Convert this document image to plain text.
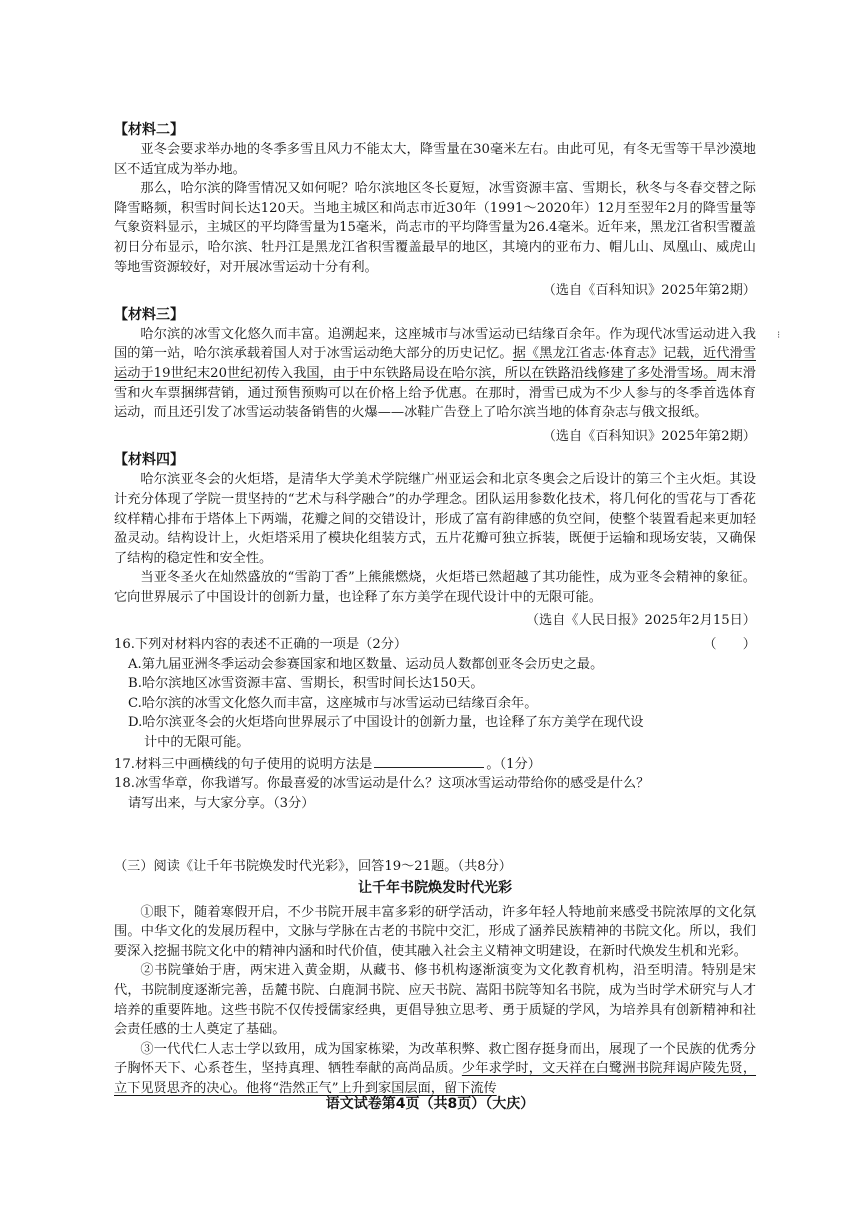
【材料二】

亚冬会要求举办地的冬季多雪且风力不能太大，降雪量在30毫米左右。由此可见，有冬无雪等干旱沙漠地区不适宜成为举办地。

那么，哈尔滨的降雪情况又如何呢？哈尔滨地区冬长夏短，冰雪资源丰富、雪期长，秋冬与冬春交替之际降雪略频，积雪时间长达120天。当地主城区和尚志市近30年（1991～2020年）12月至翌年2月的降雪量等气象资料显示，主城区的平均降雪量为15毫米，尚志市的平均降雪量为26.4毫米。近年来，黑龙江省积雪覆盖初日分布显示，哈尔滨、牡丹江是黑龙江省积雪覆盖最早的地区，其境内的亚布力、帽儿山、凤凰山、威虎山等地雪资源较好，对开展冰雪运动十分有利。

（选自《百科知识》2025年第2期）
【材料三】

哈尔滨的冰雪文化悠久而丰富。追溯起来，这座城市与冰雪运动已结缘百余年。作为现代冰雪运动进入我国的第一站，哈尔滨承载着国人对于冰雪运动绝大部分的历史记忆。据《黑龙江省志·体育志》记载，近代滑雪运动于19世纪末20世纪初传入我国，由于中东铁路局设在哈尔滨，所以在铁路沿线修建了多处滑雪场。周末滑雪和火车票捆绑营销，通过预售预购可以在价格上给予优惠。在那时，滑雪已成为不少人参与的冬季首选体育运动，而且还引发了冰雪运动装备销售的火爆——冰鞋广告登上了哈尔滨当地的体育杂志与俄文报纸。

（选自《百科知识》2025年第2期）
【材料四】

哈尔滨亚冬会的火炬塔，是清华大学美术学院继广州亚运会和北京冬奥会之后设计的第三个主火炬。其设计充分体现了学院一贯坚持的“艺术与科学融合”的办学理念。团队运用参数化技术，将几何化的雪花与丁香花纹样精心排布于塔体上下两端，花瓣之间的交错设计，形成了富有韵律感的负空间，使整个装置看起来更加轻盈灵动。结构设计上，火炬塔采用了模块化组装方式，五片花瓣可独立拆装，既便于运输和现场安装，又确保了结构的稳定性和安全性。

当亚冬圣火在灿然盛放的“雪韵丁香”上熊熊燃烧，火炬塔已然超越了其功能性，成为亚冬会精神的象征。它向世界展示了中国设计的创新力量，也诠释了东方美学在现代设计中的无限可能。

（选自《人民日报》2025年2月15日）
16.下列对材料内容的表述不正确的一项是（2分）	（　　）

A.第九届亚洲冬季运动会参赛国家和地区数量、运动员人数都创亚冬会历史之最。

B.哈尔滨地区冰雪资源丰富、雪期长，积雪时间长达150天。

C.哈尔滨的冰雪文化悠久而丰富，这座城市与冰雪运动已结缘百余年。

D.哈尔滨亚冬会的火炬塔向世界展示了中国设计的创新力量，也诠释了东方美学在现代设

计中的无限可能。

17.材料三中画横线的句子使用的说明方法是	。（1分）

18.冰雪华章，你我谱写。你最喜爱的冰雪运动是什么？这项冰雪运动带给你的感受是什么？

请写出来，与大家分享。（3分）

（三）阅读《让千年书院焕发时代光彩》，回答19～21题。（共8分）

让千年书院焕发时代光彩

①眼下，随着寒假开启，不少书院开展丰富多彩的研学活动，许多年轻人特地前来感受书院浓厚的文化氛围。中华文化的发展历程中，文脉与学脉在古老的书院中交汇，形成了涵养民族精神的书院文化。所以，我们要深入挖掘书院文化中的精神内涵和时代价值，使其融入社会主义精神文明建设，在新时代焕发生机和光彩。

②书院肇始于唐，两宋进入黄金期，从藏书、修书机构逐渐演变为文化教育机构，沿至明清。特别是宋代，书院制度逐渐完善，岳麓书院、白鹿洞书院、应天书院、嵩阳书院等知名书院，成为当时学术研究与人才培养的重要阵地。这些书院不仅传授儒家经典，更倡导独立思考、勇于质疑的学风，为培养具有创新精神和社会责任感的士人奠定了基础。

③一代代仁人志士学以致用，成为国家栋梁，为改革积弊、救亡图存挺身而出，展现了一个民族的优秀分子胸怀天下、心系苍生，坚持真理、牺牲奉献的高尚品质。少年求学时，文天祥在白鹭洲书院拜谒庐陵先贤，立下见贤思齐的决心。他将“浩然正气”上升到家国层面，留下流传

⁝
语文试卷第4页（共8页）（大庆）
